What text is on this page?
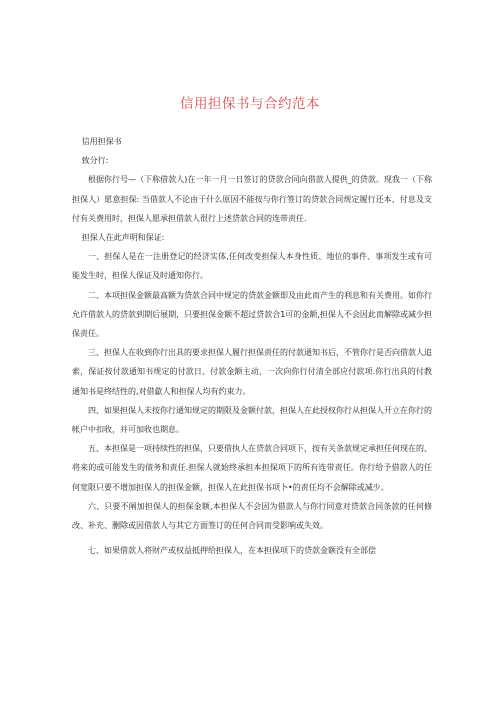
信用担保书与合约范本

信用担保书

致分行:

根据你行号—（下称借款人)在一年一月一日签订的贷款合同向借款人提供_的贷款。现我一（下称担保人）愿意担保: 当借款人不论由于什么原因不能按与你行签订的贷款合同规定履行还本、付息及支付有关费用时，担保人愿承担借款人很行上述贷款合同的连带责任.

担保人在此声明和保证:

一、担保人是在一注册登记的经济实体,任何改变担保人本身性质、地位的事件、事项发生或有可能发生时，担保人保证及时通知你行。

二、本项担保金额最高额为贷款合同中规定的贷款金额即及由此而产生的利息和有关费用。如你行允许借款人的贷款到期后展期，只要担保金额不超过贷款合1可的金额,担保人不会因此而解除或减少担保责任。

三、担保人在收到你行出具的要求担保人履行担保责任的付款通知书后，不管你行是否向借款人追索，保证按付款通知书规定的付款日、付款金额主动、一次向你行付清全部应付款项.你行出具的付教通知书是终结性的,对借歙人和担保人均有约束力。

四、如果担保人未按你行通知规定的期限及金额付款，担保人在此授权你行从担保人开立在你行的帐户中扣收，并可加收也期息。

五、本担保是一项持续性的担保，只要借执人在贷款合同项下，按有关条款规定承担任何现在的、将来的或可能发生的债务和责任.担保人就始终承担本担保项下的所有连带责任。你行给予借款人的任何宽限只要不增加担保人的担保金额，担保人在此担保书项卜•的责任均不会解除或减少。

六、只要不阐加担保人的担保金额,本担保人不会因为借款人与你行同意对贷款合同条款的任何修改、补充、删除或因借款人与其它方面签订的任何合同而受影响或失效。

七、如果借款人将财产或权益抵押给担保人，在本担保项下的贷款金额没有全部偿
